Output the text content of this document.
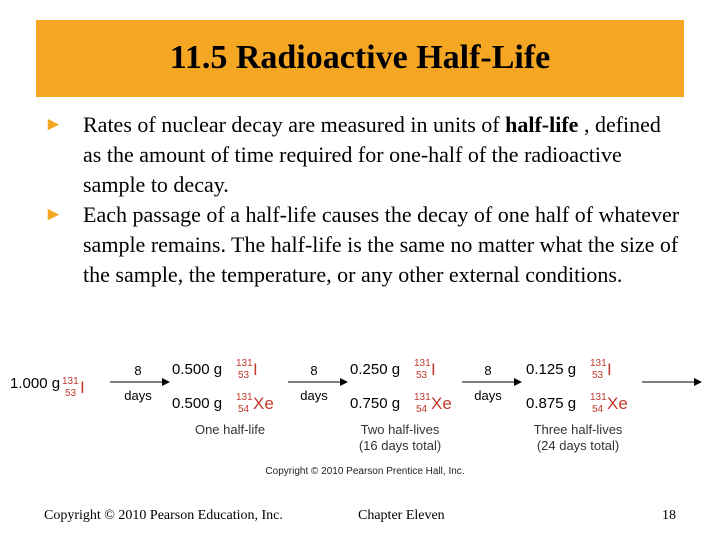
11.5 Radioactive Half-Life
► Rates of nuclear decay are measured in units of half-life , defined as the amount of time required for one-half of the radioactive sample to decay.
► Each passage of a half-life causes the decay of one half of whatever sample remains. The half-life is the same no matter what the size of the sample, the temperature, or any other external conditions.
1.000 g 131
53 I
8
days
8
days
8
days
0.500 g 131
53 I
0.500 g 131
54 Xe
One half-life
0.250 g 131
53 I
0.750 g 131
54 Xe
Two half-lives
(16 days total)
0.125 g 131
53 I
0.875 g 131
54 Xe
Three half-lives
(24 days total)
Copyright © 2010 Pearson Prentice Hall, Inc.
Copyright © 2010 Pearson Education, Inc.	Chapter Eleven	18
